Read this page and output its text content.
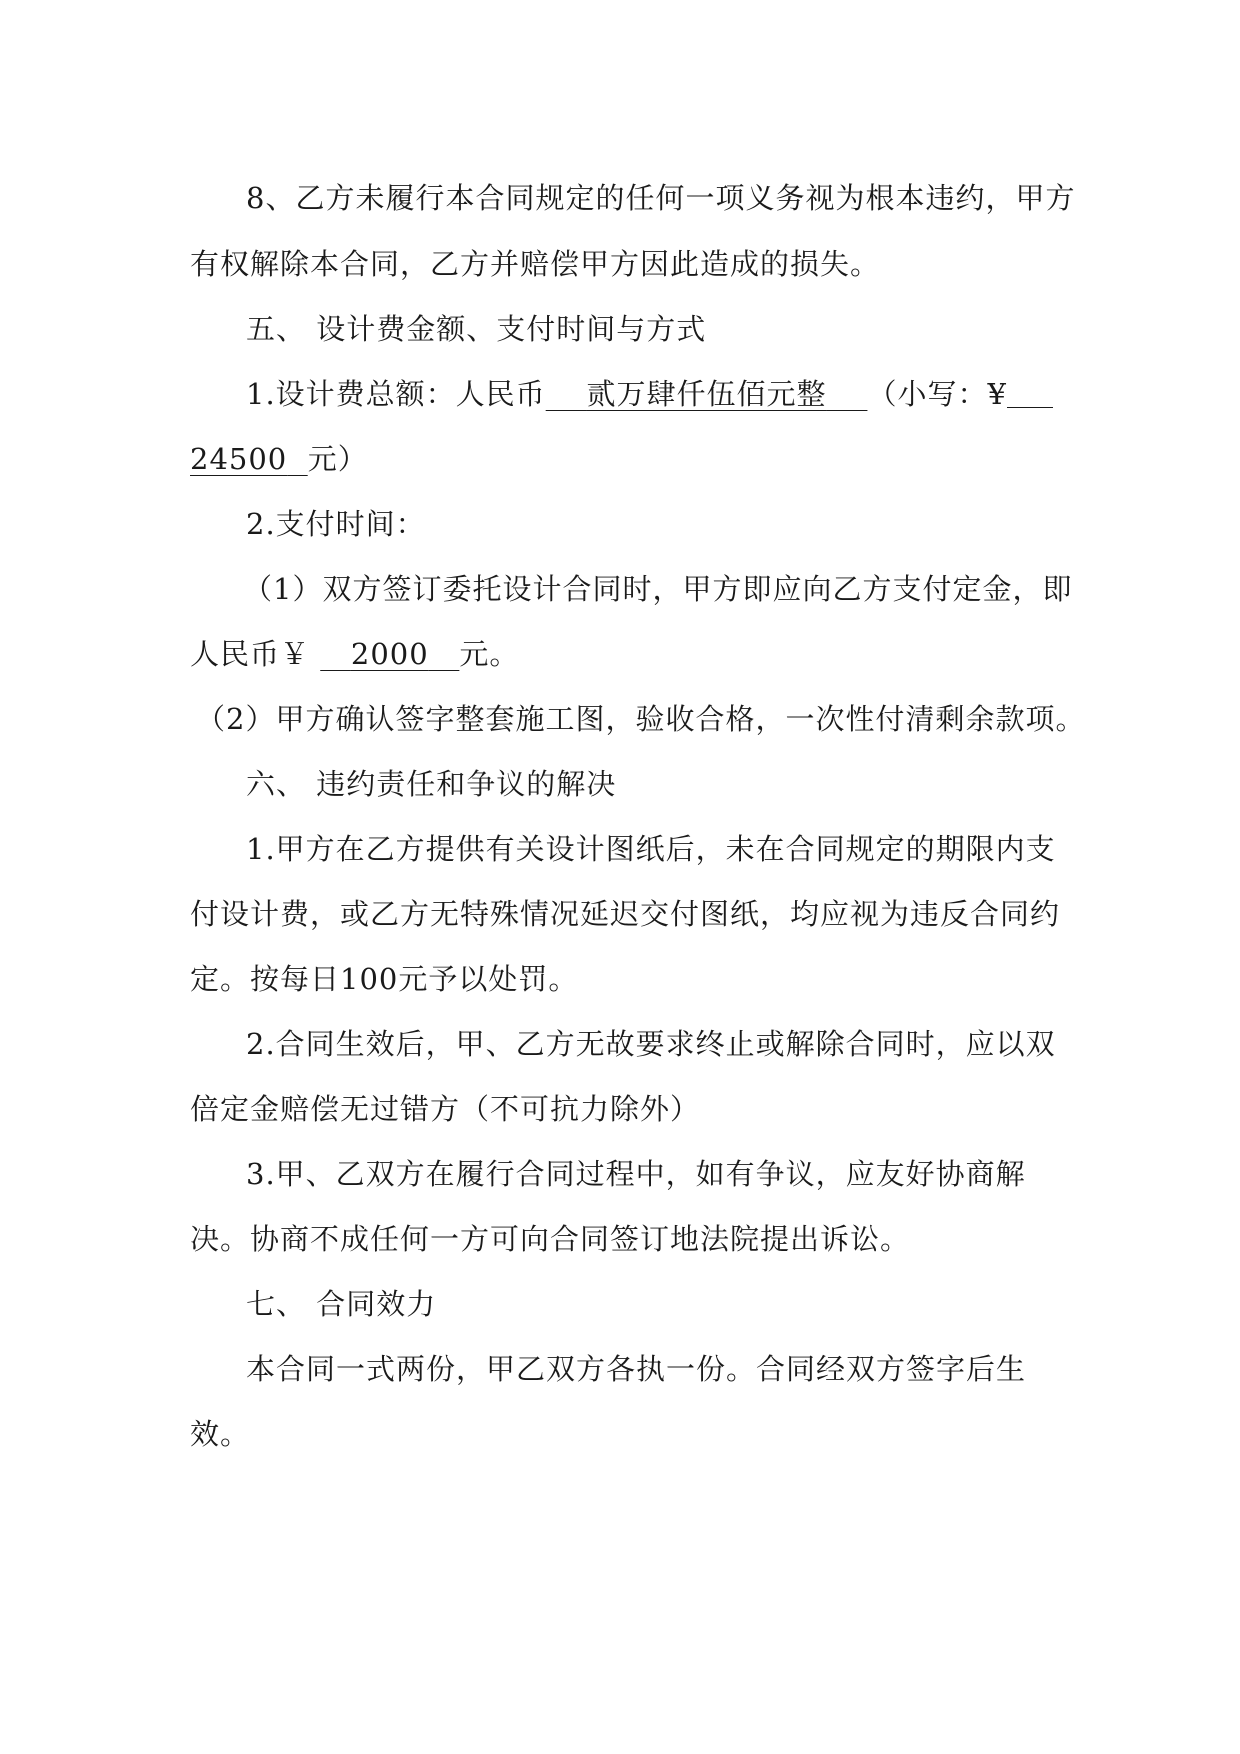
8、乙方未履行本合同规定的任何一项义务视为根本违约，甲方
有权解除本合同，乙方并赔偿甲方因此造成的损失。
五、 设计费金额、支付时间与方式
1.设计费总额：人民币 贰万肆仟伍佰元整 （小写：¥
24500 元）
2.支付时间：
（1）双方签订委托设计合同时，甲方即应向乙方支付定金，即
人民币￥ 2000 元。
（2）甲方确认签字整套施工图，验收合格，一次性付清剩余款项。
六、 违约责任和争议的解决
1.甲方在乙方提供有关设计图纸后，未在合同规定的期限内支
付设计费，或乙方无特殊情况延迟交付图纸，均应视为违反合同约
定。按每日100元予以处罚。
2.合同生效后，甲、乙方无故要求终止或解除合同时，应以双
倍定金赔偿无过错方（不可抗力除外）
3.甲、乙双方在履行合同过程中，如有争议，应友好协商解
决。协商不成任何一方可向合同签订地法院提出诉讼。
七、 合同效力
本合同一式两份，甲乙双方各执一份。合同经双方签字后生
效。
